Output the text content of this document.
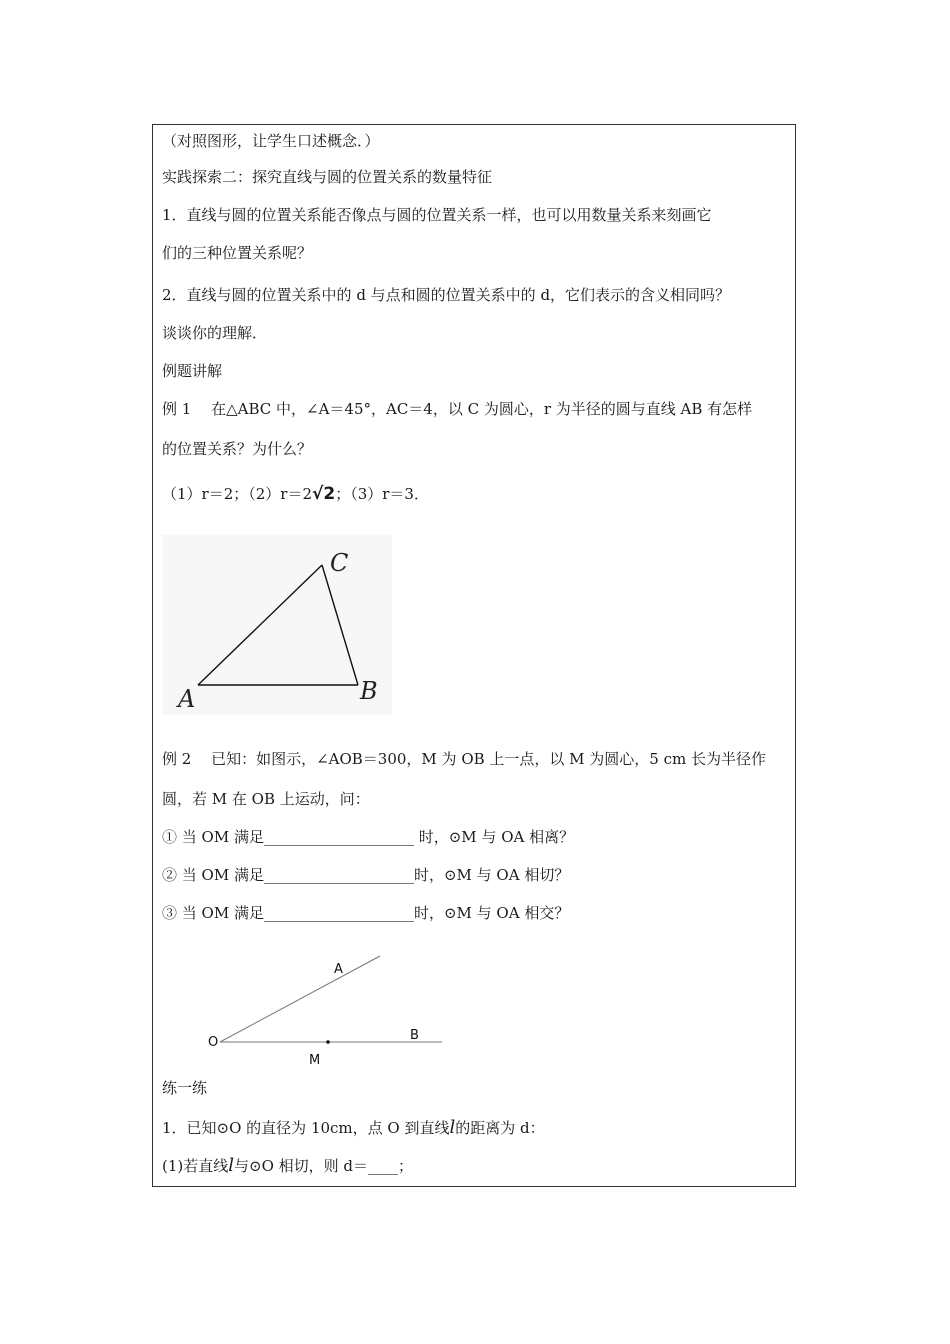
（对照图形，让学生口述概念．）
实践探索二：探究直线与圆的位置关系的数量特征
1．直线与圆的位置关系能否像点与圆的位置关系一样，也可以用数量关系来刻画它
们的三种位置关系呢？
2．直线与圆的位置关系中的 d 与点和圆的位置关系中的 d，它们表示的含义相同吗？
谈谈你的理解．
例题讲解
例 1　 在△ABC 中，∠A＝45°，AC＝4，以 C 为圆心，r 为半径的圆与直线 AB 有怎样
的位置关系？为什么？
（1）r＝2；（2）r＝2√2；（3）r＝3．
A	B
C
例 2　 已知：如图示，∠AOB＝300，M 为 OB 上一点，以 M 为圆心，5 cm 长为半径作
圆，若 M 在 OB 上运动，问：
① 当 OM 满足____________________ 时，⊙M 与 OA 相离？
② 当 OM 满足____________________时，⊙M 与 OA 相切？
③ 当 OM 满足____________________时，⊙M 与 OA 相交？
A
O	B
M
练一练
1．已知⊙O 的直径为 10cm，点 O 到直线l的距离为 d：
(1)若直线l与⊙O 相切，则 d＝____；
